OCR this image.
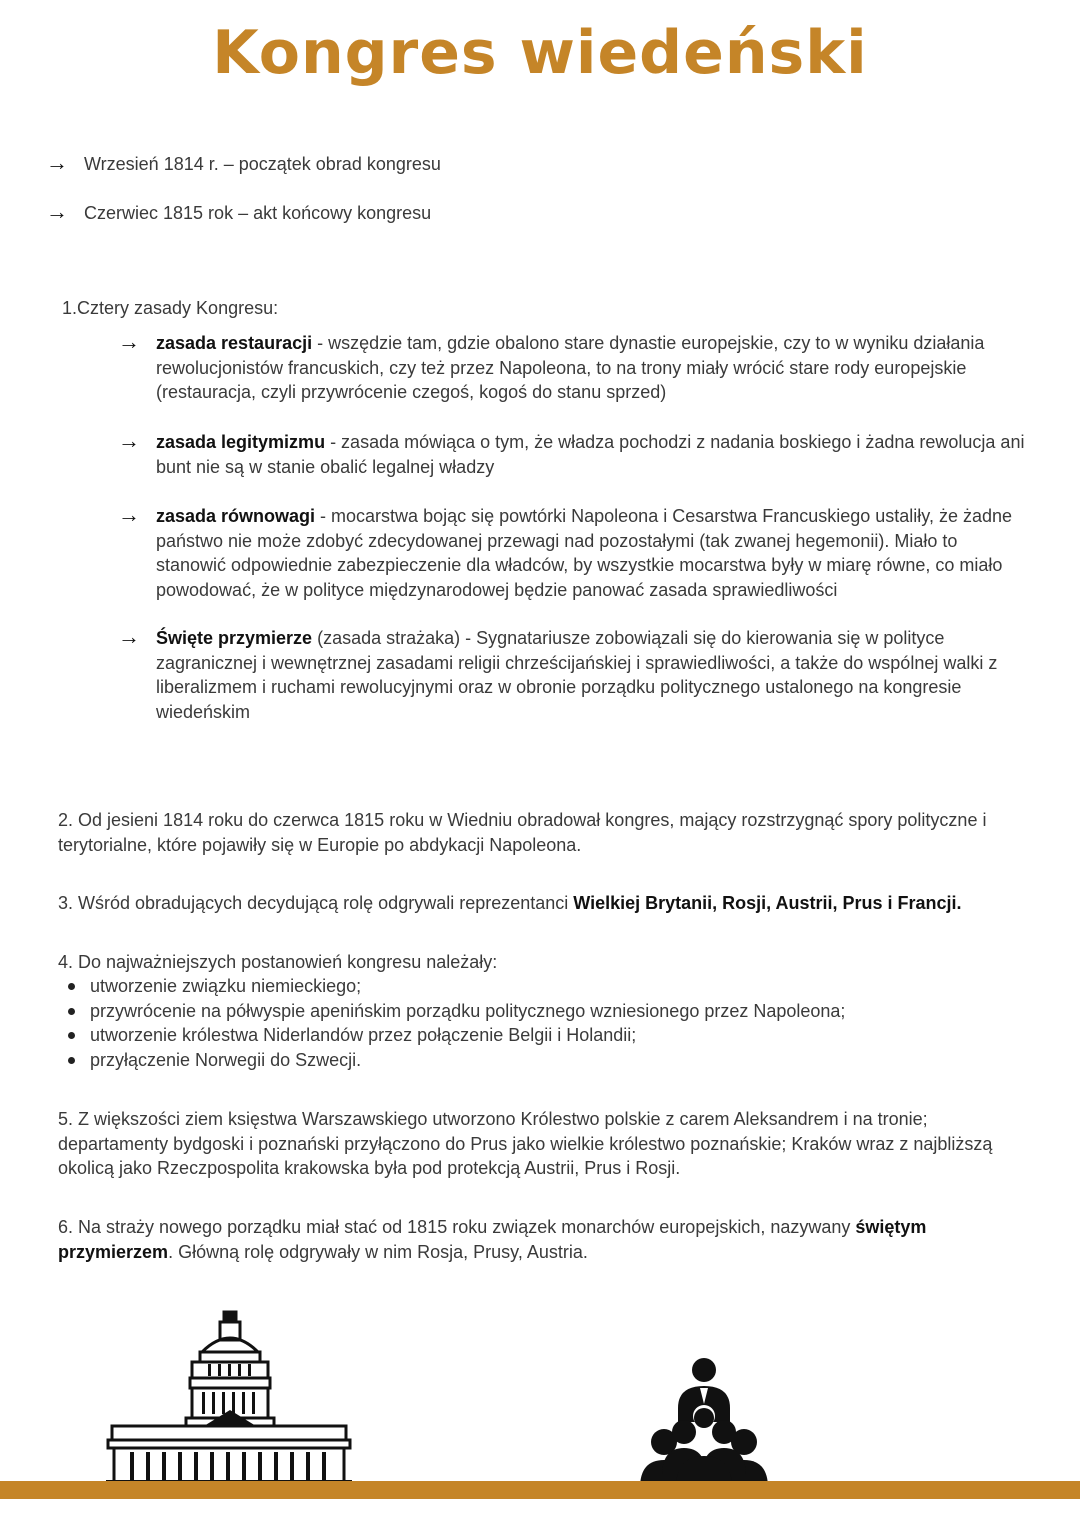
Kongres wiedeński
→ Wrzesień 1814 r. – początek obrad kongresu
→ Czerwiec 1815 rok – akt końcowy kongresu
1.Cztery zasady Kongresu:
→ zasada restauracji - wszędzie tam, gdzie obalono stare dynastie europejskie, czy to w wyniku działania rewolucjonistów francuskich, czy też przez Napoleona, to na trony miały wrócić stare rody europejskie (restauracja, czyli przywrócenie czegoś, kogoś do stanu sprzed)
→ zasada legitymizmu - zasada mówiąca o tym, że władza pochodzi z nadania boskiego i żadna rewolucja ani bunt nie są w stanie obalić legalnej władzy
→ zasada równowagi - mocarstwa bojąc się powtórki Napoleona i Cesarstwa Francuskiego ustaliły, że żadne państwo nie może zdobyć zdecydowanej przewagi nad pozostałymi (tak zwanej hegemonii). Miało to stanowić odpowiednie zabezpieczenie dla władców, by wszystkie mocarstwa były w miarę równe, co miało powodować, że w polityce międzynarodowej będzie panować zasada sprawiedliwości
→ Święte przymierze (zasada strażaka) - Sygnatariusze zobowiązali się do kierowania się w polityce zagranicznej i wewnętrznej zasadami religii chrześcijańskiej i sprawiedliwości, a także do wspólnej walki z liberalizmem i ruchami rewolucyjnymi oraz w obronie porządku politycznego ustalonego na kongresie wiedeńskim

2. Od jesieni 1814 roku do czerwca 1815 roku w Wiedniu obradował kongres, mający rozstrzygnąć spory polityczne i terytorialne, które pojawiły się w Europie po abdykacji Napoleona.

3. Wśród obradujących decydującą rolę odgrywali reprezentanci Wielkiej Brytanii, Rosji, Austrii, Prus i Francji.

4. Do najważniejszych postanowień kongresu należały:

utworzenie związku niemieckiego;
przywrócenie na półwyspie apenińskim porządku politycznego wzniesionego przez Napoleona;
utworzenie królestwa Niderlandów przez połączenie Belgii i Holandii;
przyłączenie Norwegii do Szwecji.

5. Z większości ziem księstwa Warszawskiego utworzono Królestwo polskie z carem Aleksandrem i na tronie; departamenty bydgoski i poznański przyłączono do Prus jako wielkie królestwo poznańskie; Kraków wraz z najbliższą okolicą jako Rzeczpospolita krakowska była pod protekcją Austrii, Prus i Rosji.

6. Na straży nowego porządku miał stać od 1815 roku związek monarchów europejskich, nazywany świętym przymierzem. Główną rolę odgrywały w nim Rosja, Prusy, Austria.
